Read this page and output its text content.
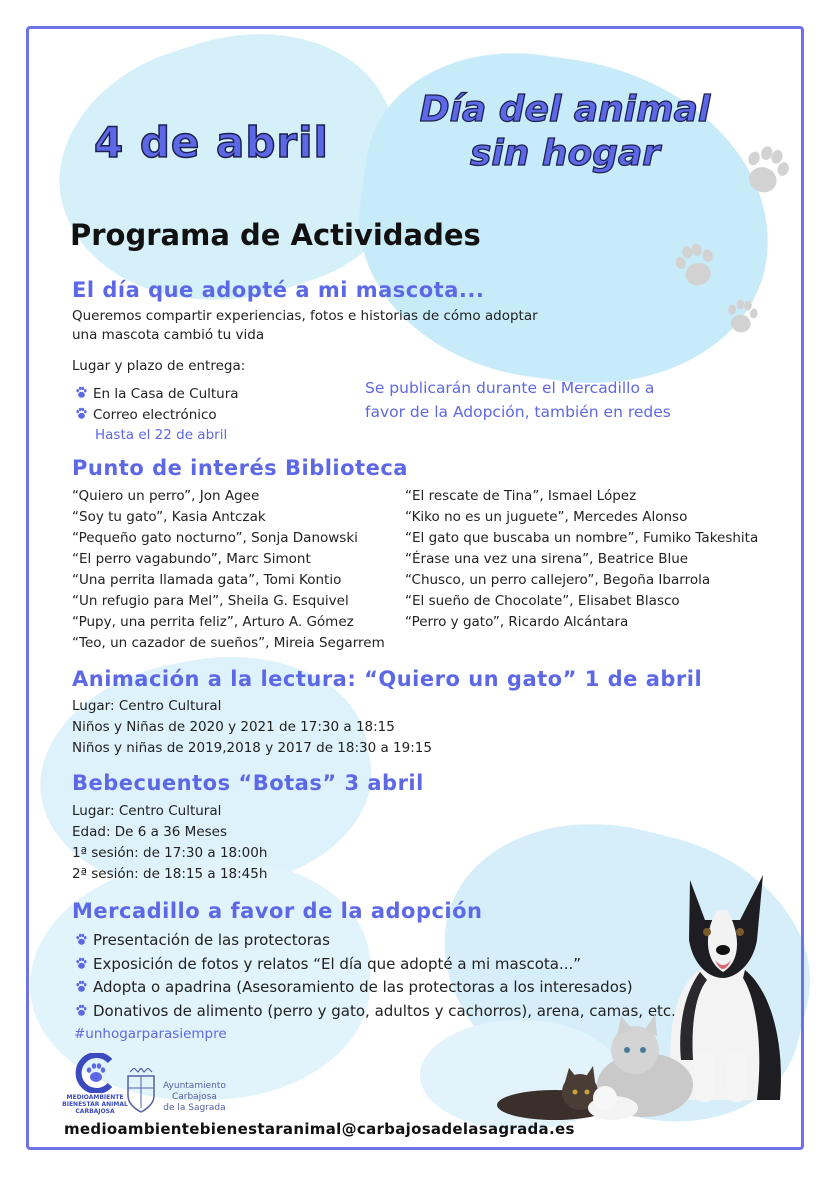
4 de abril
Día del animal
sin hogar
Programa de Actividades
El día que adopté a mi mascota...
Queremos compartir experiencias, fotos e historias de cómo adoptar
una mascota cambió tu vida
Lugar y plazo de entrega:
En la Casa de Cultura
Correo electrónico
Hasta el 22 de abril
Se publicarán durante el Mercadillo a
favor de la Adopción, también en redes
Punto de interés Biblioteca
“Quiero un perro”, Jon Agee
“Soy tu gato”, Kasia Antczak
“Pequeño gato nocturno”, Sonja Danowski
“El perro vagabundo”, Marc Simont
“Una perrita llamada gata”, Tomi Kontio
“Un refugio para Mel”, Sheila G. Esquivel
“Pupy, una perrita feliz”, Arturo A. Gómez
“Teo, un cazador de sueños”, Mireia Segarrem
“El rescate de Tina”, Ismael López
“Kiko no es un juguete”, Mercedes Alonso
“El gato que buscaba un nombre”, Fumiko Takeshita
“Érase una vez una sirena”, Beatrice Blue
“Chusco, un perro callejero”, Begoña Ibarrola
“El sueño de Chocolate”, Elisabet Blasco
“Perro y gato”, Ricardo Alcántara
Animación a la lectura: “Quiero un gato” 1 de abril
Lugar: Centro Cultural
Niños y Niñas de 2020 y 2021 de 17:30 a 18:15
Niños y niñas de 2019,2018 y 2017 de 18:30 a 19:15
Bebecuentos “Botas” 3 abril
Lugar: Centro Cultural
Edad: De 6 a 36 Meses
1ª sesión: de 17:30 a 18:00h
2ª sesión: de 18:15 a 18:45h
Mercadillo a favor de la adopción
Presentación de las protectoras
Exposición de fotos y relatos “El día que adopté a mi mascota...”
Adopta o apadrina (Asesoramiento de las protectoras a los interesados)
Donativos de alimento (perro y gato, adultos y cachorros), arena, camas, etc.
#unhogarparasiempre
MEDIOAMBIENTE
BIENESTAR ANIMAL
CARBAJOSA
Ayuntamiento
Carbajosa
de la Sagrada
medioambientebienestaranimal@carbajosadelasagrada.es
